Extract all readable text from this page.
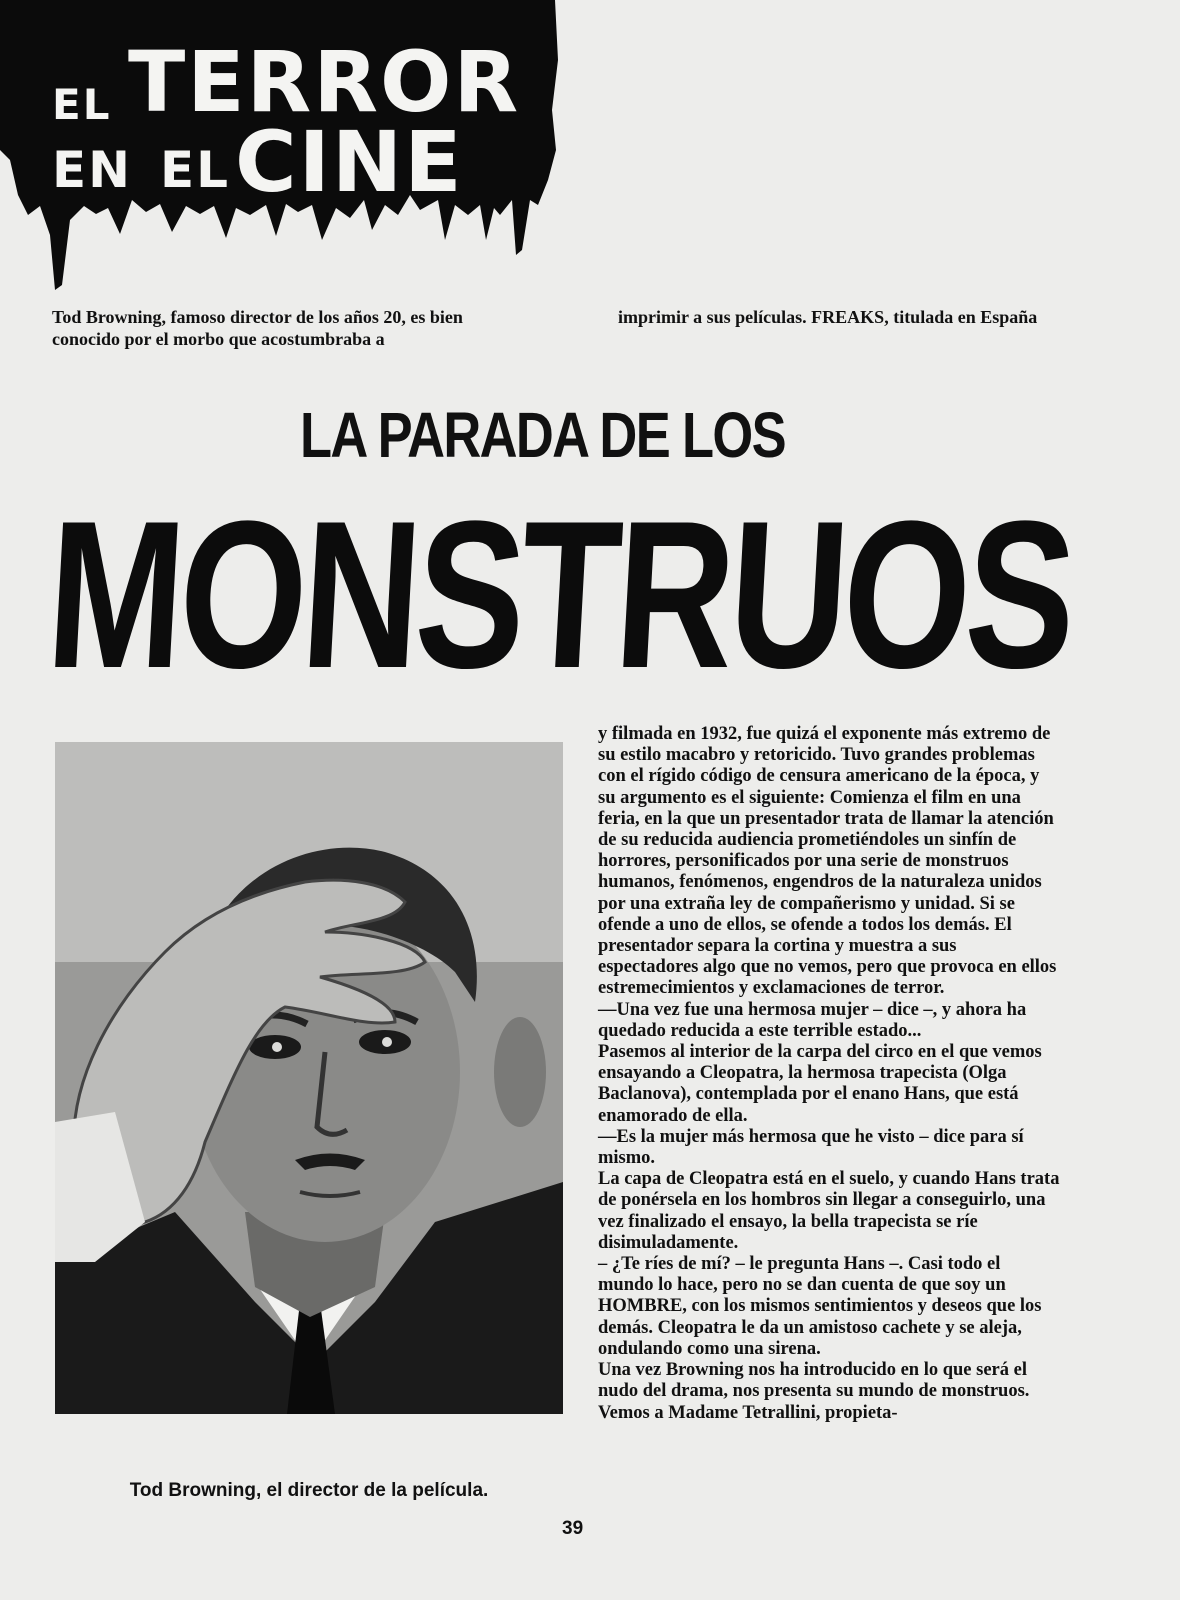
EL TERROR
EN EL CINE
Tod Browning, famoso director de los años 20, es bien conocido por el morbo que acostumbraba a
imprimir a sus películas. FREAKS, titulada en España
LA PARADA DE LOS
MONSTRUOS
Tod Browning, el director de la película.

y filmada en 1932, fue quizá el exponente más extremo de su estilo macabro y retoricido. Tuvo grandes problemas con el rígido código de censura americano de la época, y su argumento es el siguiente: Comienza el film en una feria, en la que un presentador trata de llamar la atención de su reducida audiencia prometiéndoles un sinfín de horrores, personificados por una serie de monstruos humanos, fenómenos, engendros de la naturaleza unidos por una extraña ley de compañerismo y unidad. Si se ofende a uno de ellos, se ofende a todos los demás. El presentador separa la cortina y muestra a sus espectadores algo que no vemos, pero que provoca en ellos estremecimientos y exclamaciones de terror.

—Una vez fue una hermosa mujer – dice –, y ahora ha quedado reducida a este terrible estado...

Pasemos al interior de la carpa del circo en el que vemos ensayando a Cleopatra, la hermosa trapecista (Olga Baclanova), contemplada por el enano Hans, que está enamorado de ella.

—Es la mujer más hermosa que he visto – dice para sí mismo.

La capa de Cleopatra está en el suelo, y cuando Hans trata de ponérsela en los hombros sin llegar a conseguirlo, una vez finalizado el ensayo, la bella trapecista se ríe disimuladamente.

– ¿Te ríes de mí? – le pregunta Hans –. Casi todo el mundo lo hace, pero no se dan cuenta de que soy un HOMBRE, con los mismos sentimientos y deseos que los demás. Cleopatra le da un amistoso cachete y se aleja, ondulando como una sirena.

Una vez Browning nos ha introducido en lo que será el nudo del drama, nos presenta su mundo de monstruos. Vemos a Madame Tetrallini, propieta-

39
